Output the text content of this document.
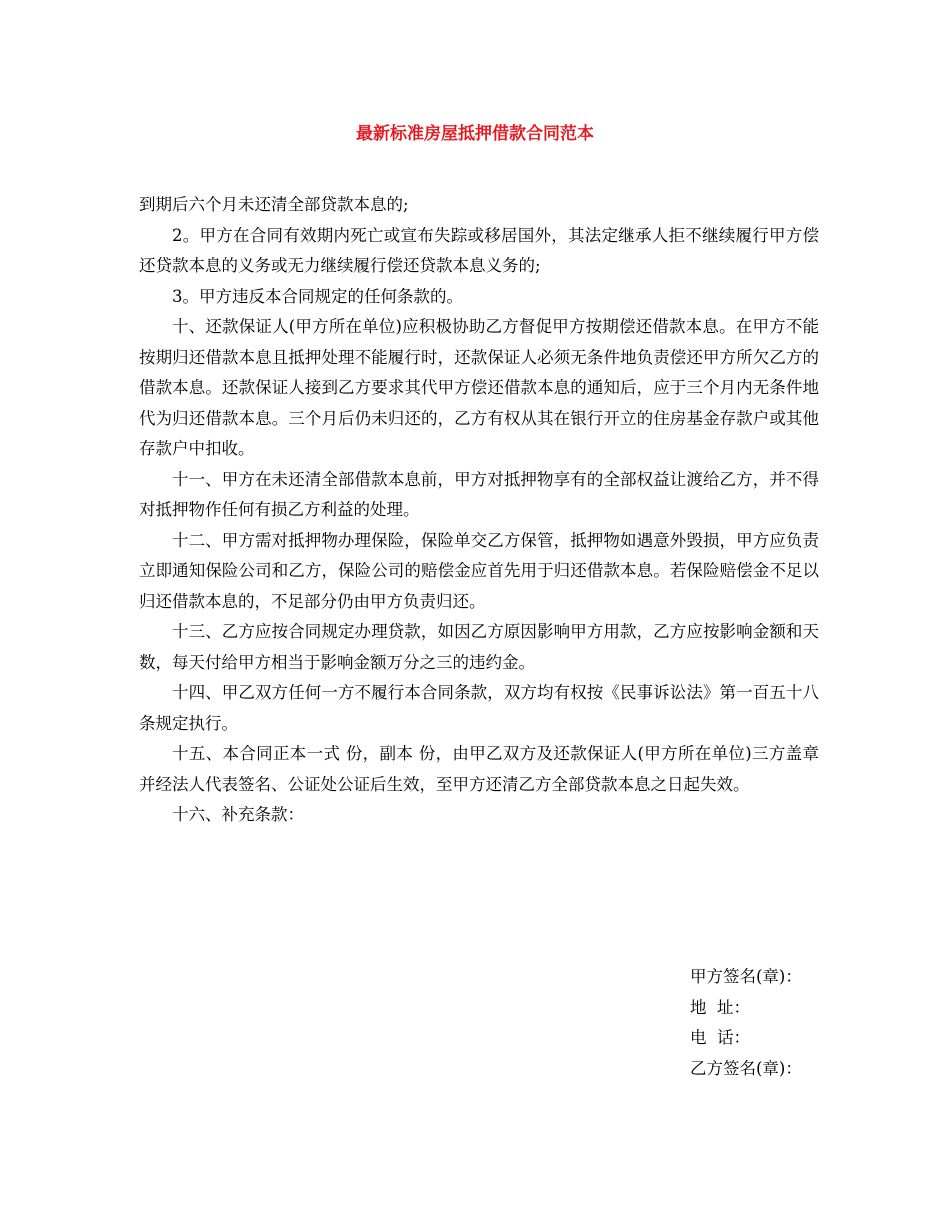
最新标准房屋抵押借款合同范本

到期后六个月未还清全部贷款本息的;

2。甲方在合同有效期内死亡或宣布失踪或移居国外，其法定继承人拒不继续履行甲方偿还贷款本息的义务或无力继续履行偿还贷款本息义务的;

3。甲方违反本合同规定的任何条款的。

十、还款保证人(甲方所在单位)应积极协助乙方督促甲方按期偿还借款本息。在甲方不能按期归还借款本息且抵押处理不能履行时，还款保证人必须无条件地负责偿还甲方所欠乙方的借款本息。还款保证人接到乙方要求其代甲方偿还借款本息的通知后，应于三个月内无条件地代为归还借款本息。三个月后仍未归还的，乙方有权从其在银行开立的住房基金存款户或其他存款户中扣收。

十一、甲方在未还清全部借款本息前，甲方对抵押物享有的全部权益让渡给乙方，并不得对抵押物作任何有损乙方利益的处理。

十二、甲方需对抵押物办理保险，保险单交乙方保管，抵押物如遇意外毁损，甲方应负责立即通知保险公司和乙方，保险公司的赔偿金应首先用于归还借款本息。若保险赔偿金不足以归还借款本息的，不足部分仍由甲方负责归还。

十三、乙方应按合同规定办理贷款，如因乙方原因影响甲方用款，乙方应按影响金额和天数，每天付给甲方相当于影响金额万分之三的违约金。

十四、甲乙双方任何一方不履行本合同条款，双方均有权按《民事诉讼法》第一百五十八条规定执行。

十五、本合同正本一式 份，副本 份，由甲乙双方及还款保证人(甲方所在单位)三方盖章并经法人代表签名、公证处公证后生效，至甲方还清乙方全部贷款本息之日起失效。

十六、补充条款：

甲方签名(章)：
地  址：
电  话：
乙方签名(章)：
